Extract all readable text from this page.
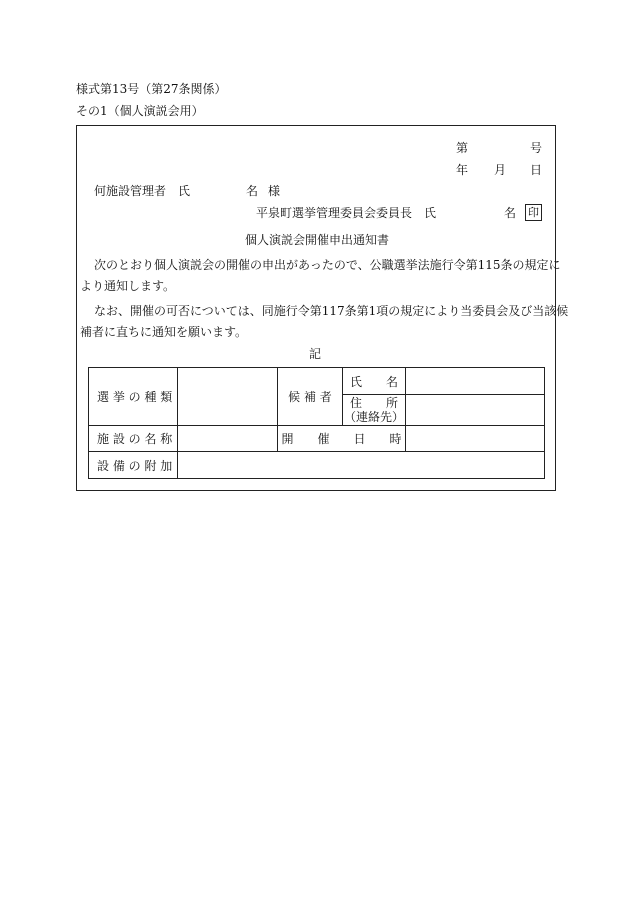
様式第13号（第27条関係）
その1（個人演説会用）
第	号
年 月 日
何施設管理者 氏	名 様
平泉町選挙管理委員会委員長 氏	名	印
個人演説会開催申出通知書
次のとおり個人演説会の開催の申出があったので、公職選挙法施行令第115条の規定に
より通知します。
なお、開催の可否については、同施行令第117条第1項の規定により当委員会及び当該候
補者に直ちに通知を願います。
記
選 挙 の 種 類		候 補 者	氏　　名	

			住　　所
（連絡先）	

施 設 の 名 称		開　　催　　日　　時		
設 備 の 附 加				
